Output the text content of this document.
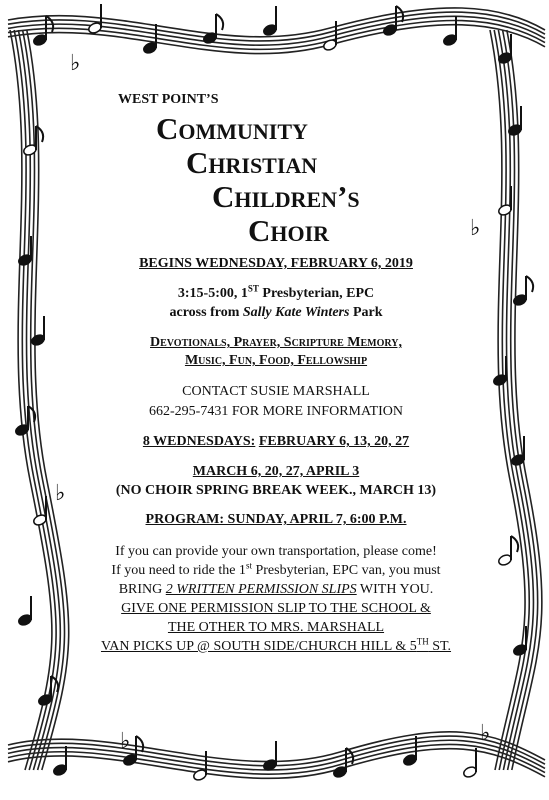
♭
♭
♭
♭	♭
WEST POINT’S
Community
Christian
Children’s
Choir
BEGINS WEDNESDAY, FEBRUARY 6, 2019
3:15-5:00, 1ST Presbyterian, EPC
across from Sally Kate Winters Park
Devotionals, Prayer, Scripture Memory,
Music, Fun, Food, Fellowship
CONTACT SUSIE MARSHALL
662-295-7431 FOR MORE INFORMATION
8 WEDNESDAYS: FEBRUARY 6, 13, 20, 27
MARCH 6, 20, 27, APRIL 3
(NO CHOIR SPRING BREAK WEEK., MARCH 13)
PROGRAM: SUNDAY, APRIL 7, 6:00 P.M.
If you can provide your own transportation, please come!
If you need to ride the 1st Presbyterian, EPC van, you must
BRING 2 WRITTEN PERMISSION SLIPS WITH YOU.
GIVE ONE PERMISSION SLIP TO THE SCHOOL &
THE OTHER TO MRS. MARSHALL
VAN PICKS UP @ SOUTH SIDE/CHURCH HILL & 5TH ST.
